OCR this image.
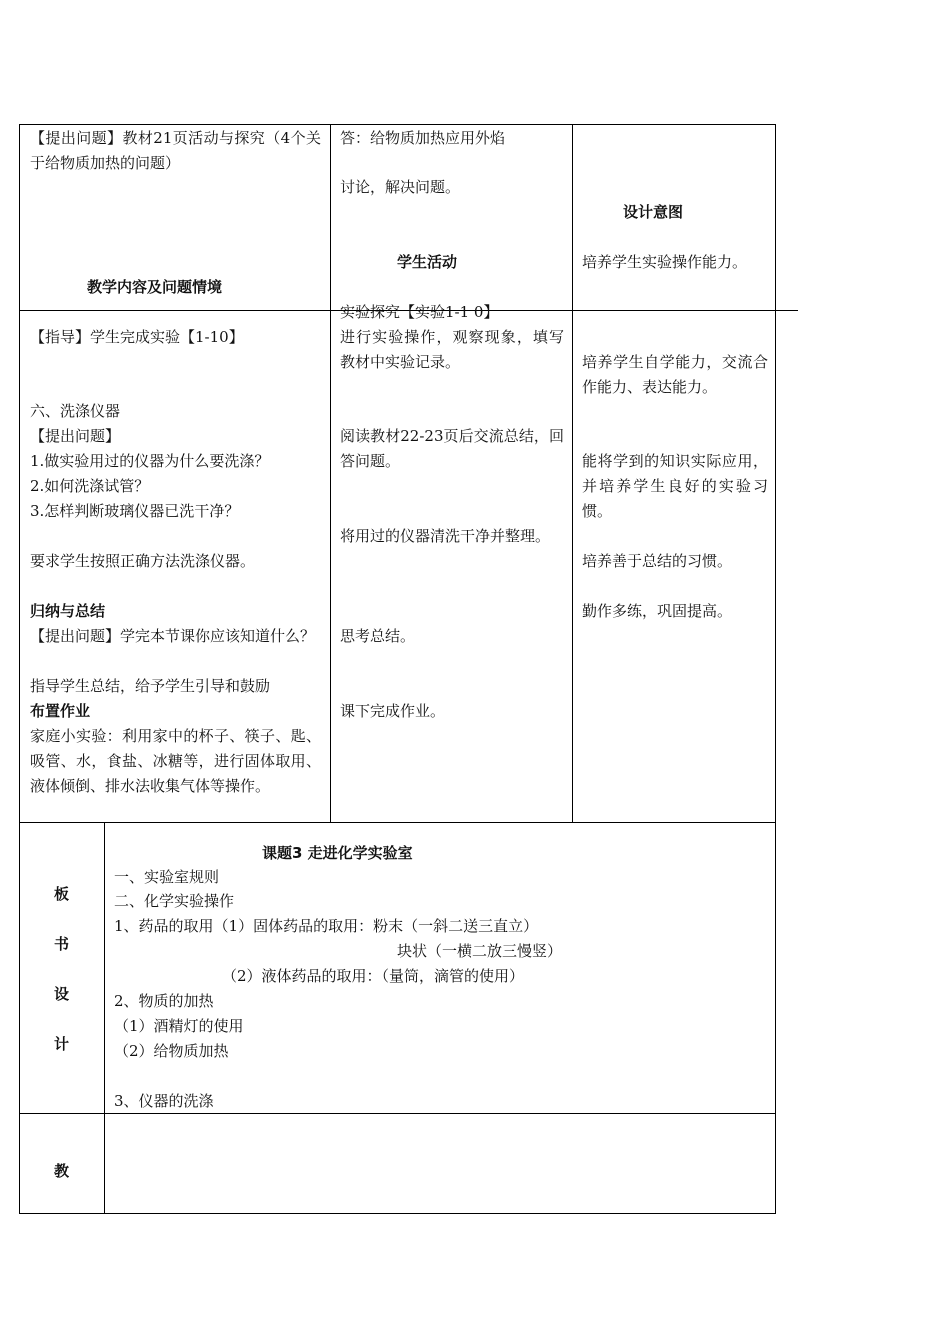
【提出问题】教材21页活动与探究（4个关于给物质加热的问题）
教学内容及问题情境
答：给物质加热应用外焰
讨论，解决问题。
学生活动
实验探究【实验1-1 0】
设计意图
培养学生实验操作能力。
【指导】学生完成实验【1-10】
六、洗涤仪器
【提出问题】
1.做实验用过的仪器为什么要洗涤？
2.如何洗涤试管？
3.怎样判断玻璃仪器已洗干净？
要求学生按照正确方法洗涤仪器。
归纳与总结
【提出问题】学完本节课你应该知道什么？
指导学生总结，给予学生引导和鼓励
布置作业
家庭小实验：利用家中的杯子、筷子、匙、吸管、水，食盐、冰糖等，进行固体取用、液体倾倒、排水法收集气体等操作。
进行实验操作，观察现象，填写教材中实验记录。
阅读教材22-23页后交流总结，回答问题。
将用过的仪器清洗干净并整理。
思考总结。
课下完成作业。
培养学生自学能力，交流合作能力、表达能力。
能将学到的知识实际应用，并培养学生良好的实验习惯。
培养善于总结的习惯。
勤作多练，巩固提高。
板
书
设
计
课题3 走进化学实验室
一、实验室规则
二、化学实验操作
1、药品的取用（1）固体药品的取用：粉末（一斜二送三直立）
块状（一横二放三慢竖）
（2）液体药品的取用：（量筒，滴管的使用）
2、物质的加热
（1）酒精灯的使用
（2）给物质加热
3、仪器的洗涤
教
